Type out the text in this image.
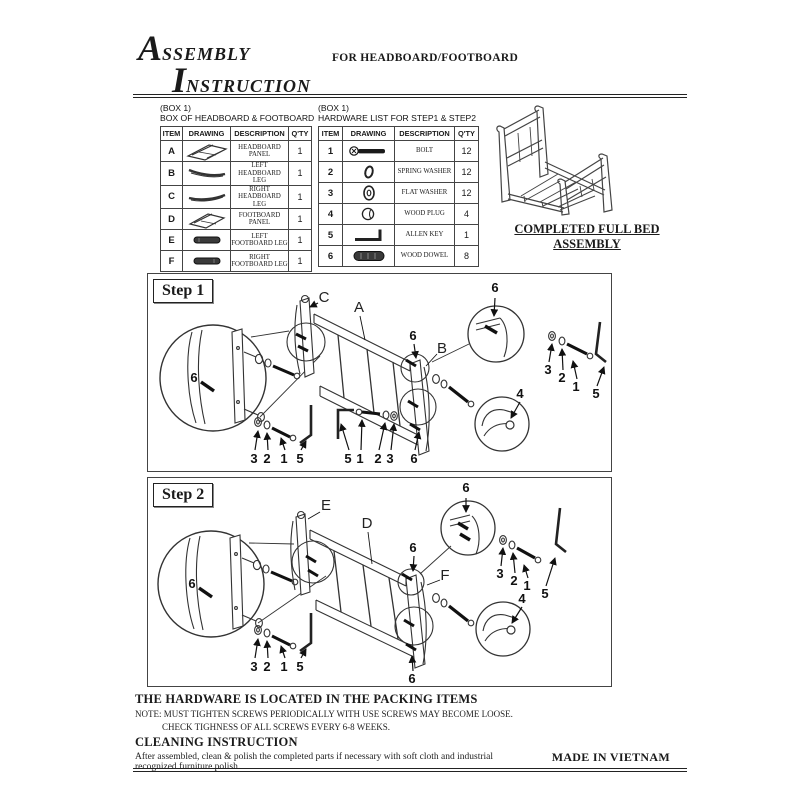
ASSEMBLY
INSTRUCTION
FOR HEADBOARD/FOOTBOARD
(BOX 1)
BOX OF HEADBOARD & FOOTBOARD
ITEM	DRAWING	DESCRIPTION	Q'TY
A		HEADBOARD PANEL	1
B		LEFT HEADBOARD LEG	1
C		RIGHT HEADBOARD LEG	1
D		FOOTBOARD PANEL	1
E		LEFT FOOTBOARD LEG	1
F		RIGHT FOOTBOARD LEG	1
(BOX 1)
HARDWARE LIST FOR STEP1 & STEP2
ITEM	DRAWING	DESCRIPTION	Q'TY
1		BOLT	12
2		SPRING WASHER	12
3		FLAT WASHER	12
4		WOOD PLUG	4
5		ALLEN KEY	1
6		WOOD DOWEL	8
COMPLETED FULL BED
ASSEMBLY
C
A
B
6
6
3 2 1 5	5 1 2 3 6
6
3
2
1 5
4
Step 1
E
D
F
6
6
6
6
3 2 1 5
3 2 1
5
4
Step 2
THE HARDWARE IS LOCATED IN THE PACKING ITEMS
NOTE: MUST TIGHTEN SCREWS PERIODICALLY WITH USE SCREWS MAY BECOME LOOSE.
CHECK TIGHNESS OF ALL SCREWS EVERY 6-8 WEEKS.
CLEANING INSTRUCTION
After assembled, clean & polish the completed parts if necessary with soft cloth and industrial recognized furniture polish.
MADE IN VIETNAM
